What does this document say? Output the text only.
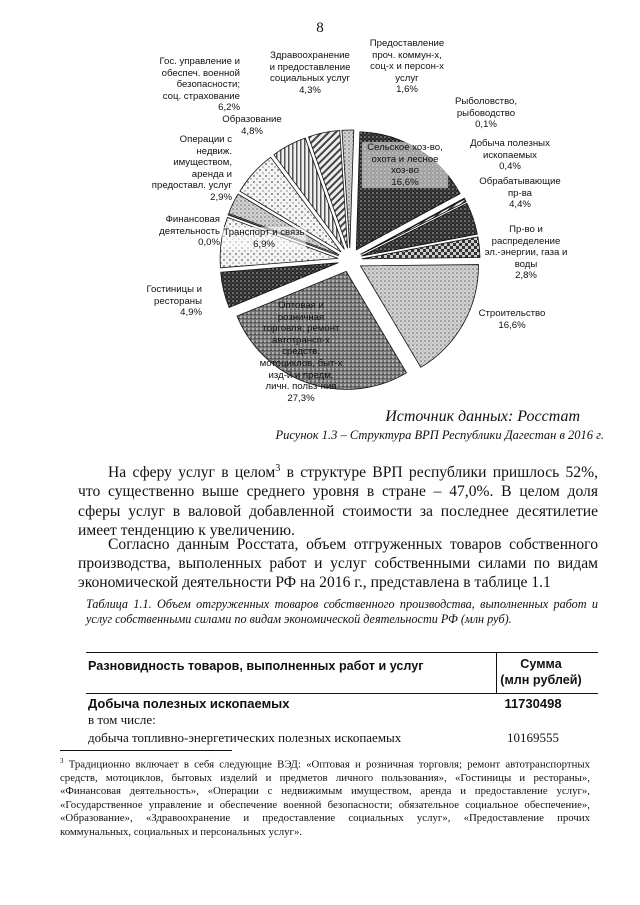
8
Гос. управление и
обеспеч. военной
безопасности;
соц. страхование
6,2%
Здравоохранение
и предоставление
социальных услуг
4,3%
Предоставление
проч. коммун-х,
соц-х и персон-х
услуг
1,6%
Рыболовство,
рыбоводство
0,1%
Образование
4,8%
Добыча полезных
ископаемых
0,4%
Обрабатывающие
пр-ва
4,4%
Пр-во и
распределение
эл.-энергии, газа и
воды
2,8%
Операции с
недвиж.
имуществом,
аренда и
предоставл. услуг
2,9%
Финансовая
деятельность
0,0%
Сельское хоз-во,
охота и лесное
хоз-во
16,6%
Транспорт и связь
6,9%
Гостиницы и
рестораны
4,9%	Строительство
16,6%
Оптовая и
розничная
торговля; ремонт
автотрансп-х
средств,
мотоциклов, быт-х
изд-й и предм.
личн. польз-ния
27,3%
Источник данных: Росстат
Рисунок 1.3 – Структура ВРП Республики Дагестан в 2016 г.
На сферу услуг в целом$^3$ в структуре ВРП республики пришлось 52%, что существенно выше среднего уровня в стране – 47,0%. В целом доля сферы услуг в валовой добавленной стоимости за последнее десятилетие имеет тенденцию к увеличению.
Согласно данным Росстата, объем отгруженных товаров собственного производства, выполенных работ и услуг собственными силами по видам экономической деятельности РФ на 2016 г., представлена в таблице 1.1
Таблица 1.1. Объем отгруженных товаров собственного производства, выполненных работ и услуг собственными силами по видам экономической деятельности РФ (млн руб).
Разновидность товаров, выполненных работ и услуг	Сумма
(млн рублей)
Добыча полезных ископаемых	11730498
в том числе:
добыча топливно-энергетических полезных ископаемых	10169555
$^3$ Традиционно включает в себя следующие ВЭД: «Оптовая и розничная торговля; ремонт автотранспортных средств, мотоциклов, бытовых изделий и предметов личного пользования», «Гостиницы и рестораны», «Финансовая деятельность», «Операции с недвижимым имуществом, аренда и предоставление услуг», «Государственное управление и обеспечение военной безопасности; обязательное социальное обеспечение», «Образование», «Здравоохранение и предоставление социальных услуг», «Предоставление прочих коммунальных, социальных и персональных услуг».
